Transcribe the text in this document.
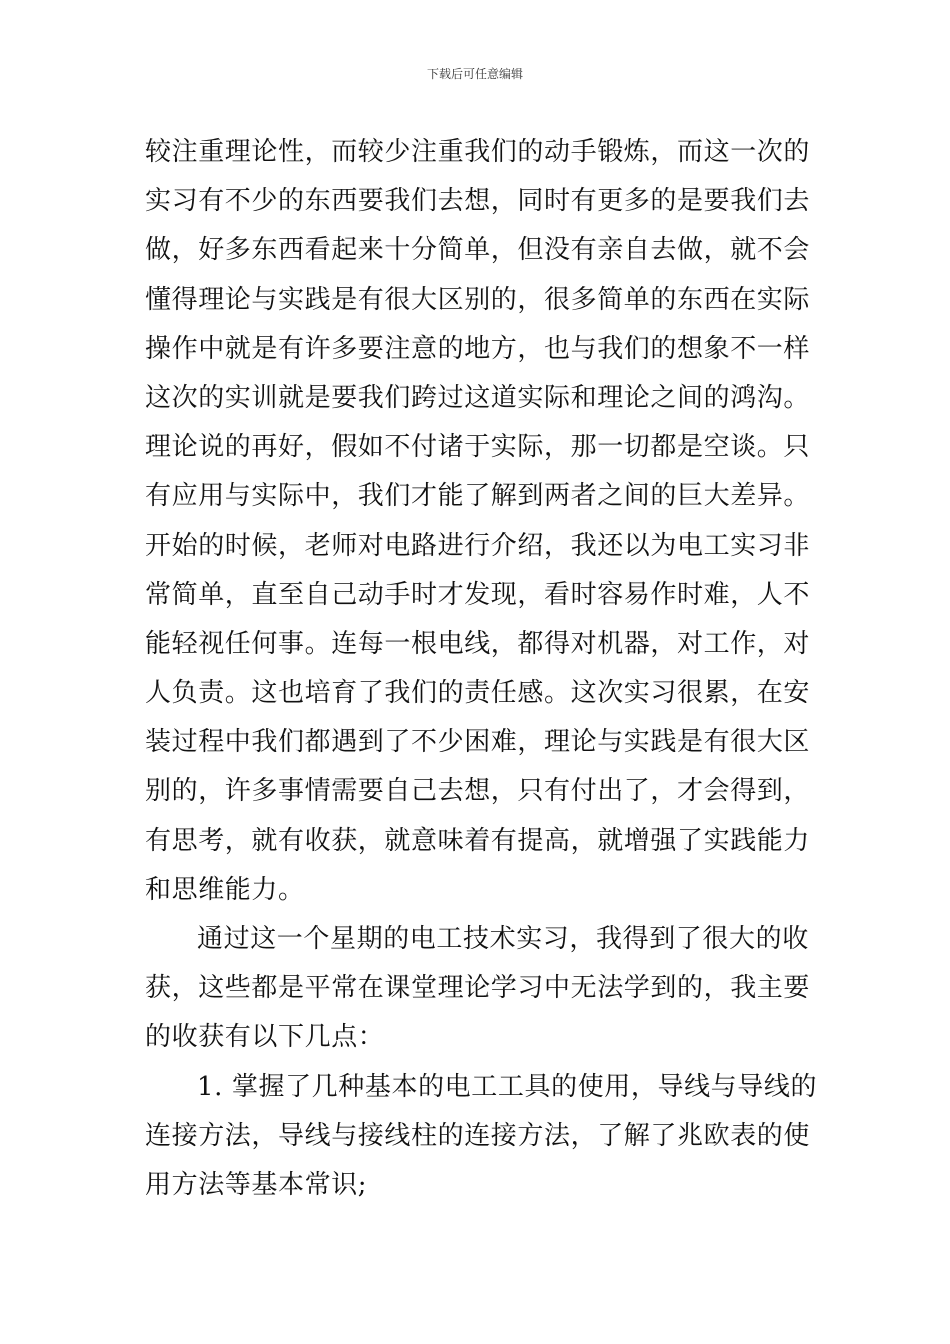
下载后可任意编辑
较注重理论性，而较少注重我们的动手锻炼，而这一次的
实习有不少的东西要我们去想，同时有更多的是要我们去
做，好多东西看起来十分简单，但没有亲自去做，就不会
懂得理论与实践是有很大区别的，很多简单的东西在实际
操作中就是有许多要注意的地方，也与我们的想象不一样
这次的实训就是要我们跨过这道实际和理论之间的鸿沟。
理论说的再好，假如不付诸于实际，那一切都是空谈。只
有应用与实际中，我们才能了解到两者之间的巨大差异。
开始的时候，老师对电路进行介绍，我还以为电工实习非
常简单，直至自己动手时才发现，看时容易作时难，人不
能轻视任何事。连每一根电线，都得对机器，对工作，对
人负责。这也培育了我们的责任感。这次实习很累，在安
装过程中我们都遇到了不少困难，理论与实践是有很大区
别的，许多事情需要自己去想，只有付出了，才会得到，
有思考，就有收获，就意味着有提高，就增强了实践能力
和思维能力。
通过这一个星期的电工技术实习，我得到了很大的收
获，这些都是平常在课堂理论学习中无法学到的，我主要
的收获有以下几点：
1. 掌握了几种基本的电工工具的使用，导线与导线的
连接方法，导线与接线柱的连接方法，了解了兆欧表的使
用方法等基本常识;
